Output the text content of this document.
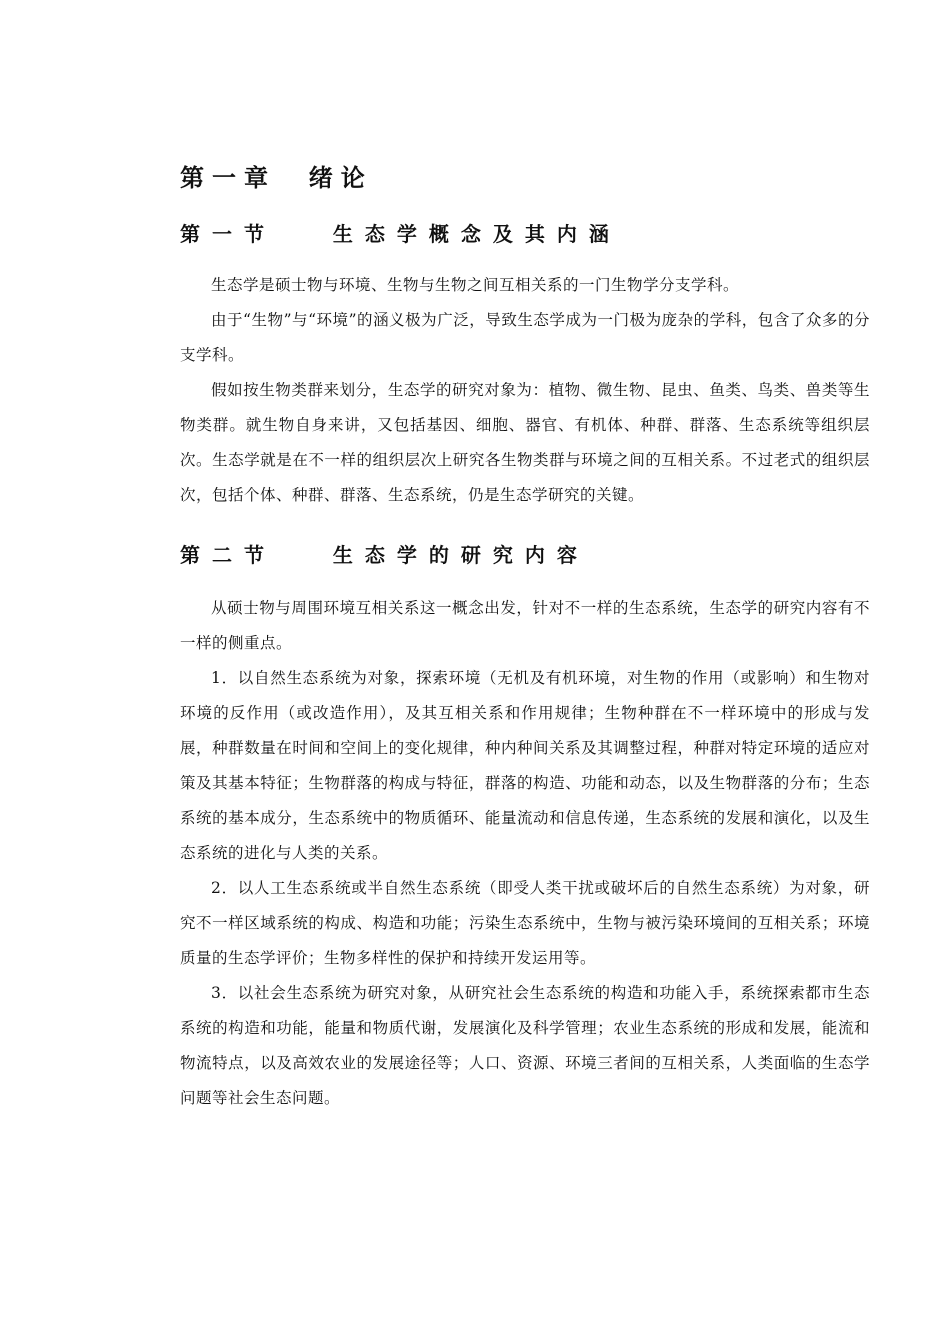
第一章  绪论
第一节   生态学概念及其内涵

生态学是硕士物与环境、生物与生物之间互相关系的一门生物学分支学科。

由于“生物”与“环境”的涵义极为广泛，导致生态学成为一门极为庞杂的学科，包含了众多的分支学科。

假如按生物类群来划分，生态学的研究对象为：植物、微生物、昆虫、鱼类、鸟类、兽类等生物类群。就生物自身来讲，又包括基因、细胞、器官、有机体、种群、群落、生态系统等组织层次。生态学就是在不一样的组织层次上研究各生物类群与环境之间的互相关系。不过老式的组织层次，包括个体、种群、群落、生态系统，仍是生态学研究的关键。

第二节   生态学的研究内容

从硕士物与周围环境互相关系这一概念出发，针对不一样的生态系统，生态学的研究内容有不一样的侧重点。

1．以自然生态系统为对象，探索环境（无机及有机环境，对生物的作用（或影响）和生物对环境的反作用（或改造作用），及其互相关系和作用规律；生物种群在不一样环境中的形成与发展，种群数量在时间和空间上的变化规律，种内种间关系及其调整过程，种群对特定环境的适应对策及其基本特征；生物群落的构成与特征，群落的构造、功能和动态，以及生物群落的分布；生态系统的基本成分，生态系统中的物质循环、能量流动和信息传递，生态系统的发展和演化，以及生态系统的进化与人类的关系。

2．以人工生态系统或半自然生态系统（即受人类干扰或破坏后的自然生态系统）为对象，研究不一样区域系统的构成、构造和功能；污染生态系统中，生物与被污染环境间的互相关系；环境质量的生态学评价；生物多样性的保护和持续开发运用等。

3．以社会生态系统为研究对象，从研究社会生态系统的构造和功能入手，系统探索都市生态系统的构造和功能，能量和物质代谢，发展演化及科学管理；农业生态系统的形成和发展，能流和物流特点，以及高效农业的发展途径等；人口、资源、环境三者间的互相关系，人类面临的生态学问题等社会生态问题。
